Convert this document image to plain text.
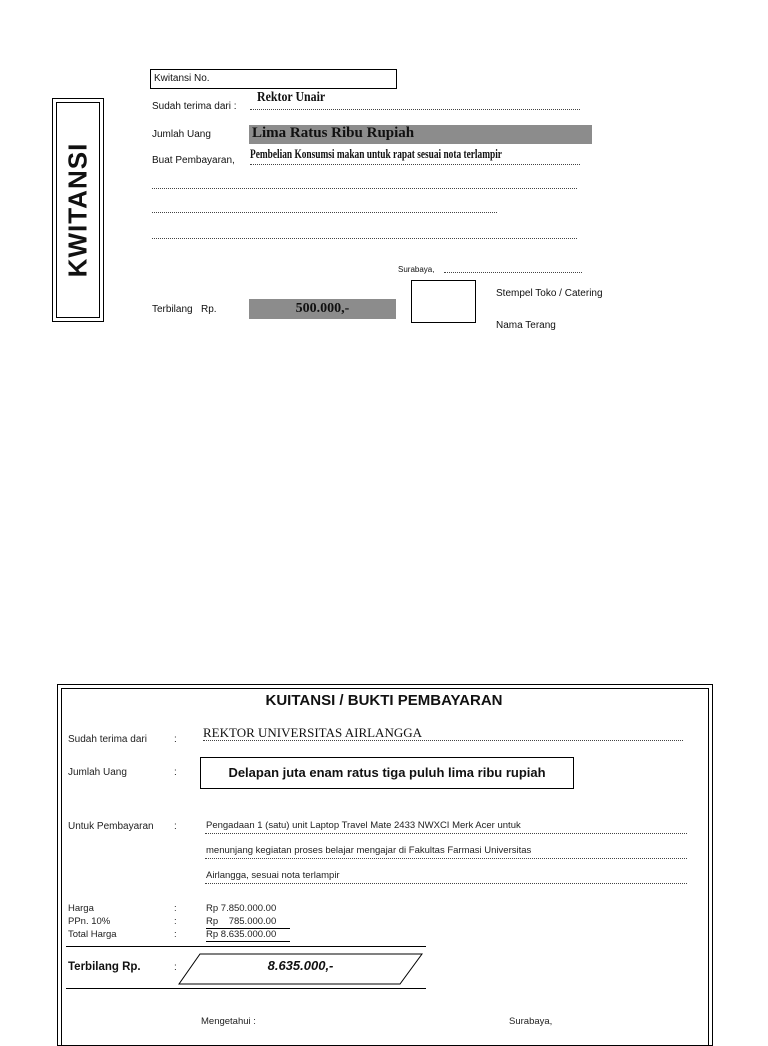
KWITANSI
Kwitansi No.
Sudah terima dari :
Rektor Unair
Jumlah Uang	Lima Ratus Ribu Rupiah
Buat Pembayaran, Pembelian Konsumsi makan untuk rapat sesuai nota terlampir
Surabaya,
Stempel Toko / Catering
Nama Terang
Terbilang Rp.	500.000,-
KUITANSI / BUKTI PEMBAYARAN
Sudah terima dari	: REKTOR UNIVERSITAS AIRLANGGA
Jumlah Uang	:	Delapan juta enam ratus tiga puluh lima ribu rupiah
Untuk Pembayaran :	Pengadaan 1 (satu) unit Laptop Travel Mate 2433 NWXCI Merk Acer untuk
menunjang kegiatan proses belajar mengajar di Fakultas Farmasi Universitas
Airlangga, sesuai nota terlampir
Harga	:	Rp 7.850.000.00
PPn. 10%	:	Rp    785.000.00
Total Harga	:	Rp 8.635.000.00
Terbilang Rp.	:	8.635.000,-
Mengetahui :	Surabaya,
